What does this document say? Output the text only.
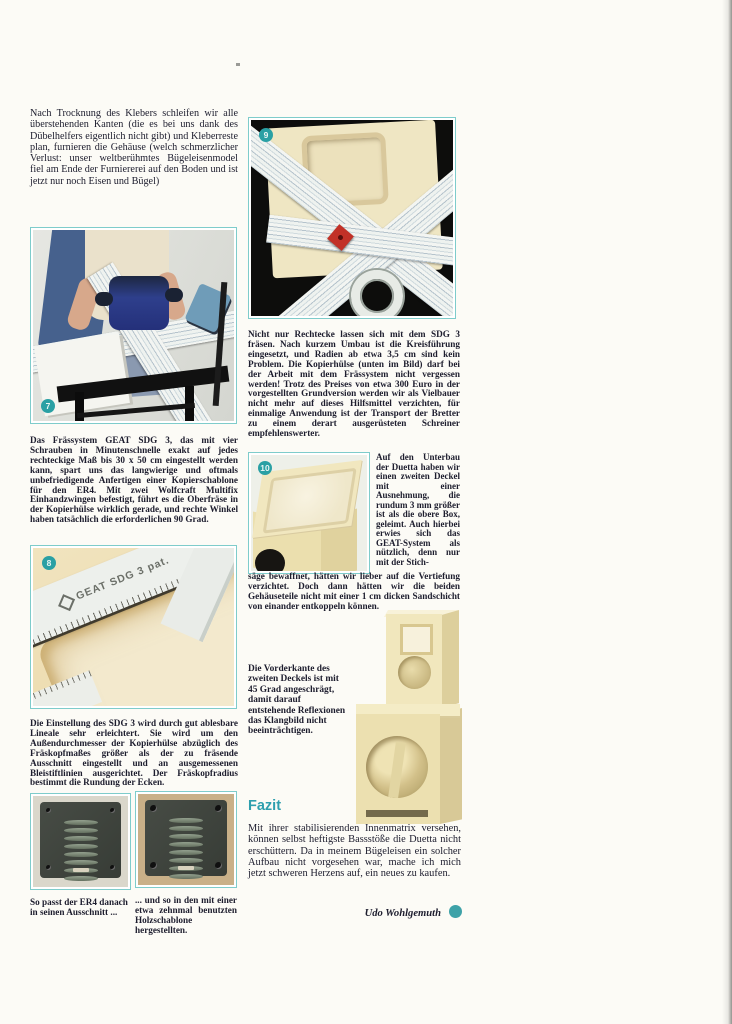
Nach Trocknung des Klebers schleifen wir alle überstehenden Kanten (die es bei uns dank des Dübelhelfers eigentlich nicht gibt) und Kleberreste plan, furnieren die Gehäuse (welch schmerzlicher Verlust: unser weltberühmtes Bügeleisenmodel fiel am Ende der Furniererei auf den Boden und ist jetzt nur noch Eisen und Bügel)
7
Das Frässystem GEAT SDG 3, das mit vier Schrauben in Minutenschnelle exakt auf jedes rechteckige Maß bis 30 x 50 cm eingestellt werden kann, spart uns das langwierige und oftmals unbefriedigende Anfertigen einer Kopierschablone für den ER4. Mit zwei Wolfcraft Multifix Einhandzwingen befestigt, führt es die Oberfräse in der Kopierhülse wirklich gerade, und rechte Winkel haben tatsächlich die erforderlichen 90 Grad.
GEAT SDG 3 pat.
8
Die Einstellung des SDG 3 wird durch gut ablesbare Lineale sehr erleichtert. Sie wird um den Außendurchmesser der Kopierhülse abzüglich des Fräskopfmaßes größer als der zu fräsende Ausschnitt eingestellt und an ausgemessenen Bleistiftlinien ausgerichtet. Der Fräskopfradius bestimmt die Rundung der Ecken.
So passt der ER4 danach in seinen Ausschnitt ...
... und so in den mit einer etwa zehnmal benutzten Holzschablone hergestellten.
9
Nicht nur Rechtecke lassen sich mit dem SDG 3 fräsen. Nach kurzem Umbau ist die Kreisführung eingesetzt, und Radien ab etwa 3,5 cm sind kein Problem. Die Kopierhülse (unten im Bild) darf bei der Arbeit mit dem Frässystem nicht vergessen werden! Trotz des Preises von etwa 300 Euro in der vorgestellten Grundversion werden wir als Vielbauer nicht mehr auf dieses Hilfsmittel verzichten, für einmalige Anwendung ist der Transport der Bretter zu einem derart ausgerüsteten Schreiner empfehlenswerter.
10
Auf den Unterbau der Duetta haben wir einen zweiten Deckel mit einer Ausnehmung, die rundum 3 mm größer ist als die obere Box, geleimt. Auch hierbei erwies sich das GEAT-System als nützlich, denn nur mit der Stich-
säge bewaffnet, hätten wir lieber auf die Vertiefung verzichtet. Doch dann hätten wir die beiden Gehäuseteile nicht mit einer 1 cm dicken Sandschicht von einander entkoppeln können.
Die Vorderkante des zweiten Deckels ist mit 45 Grad angeschrägt, damit darauf entstehende Reflexionen das Klangbild nicht beeinträchtigen.
Fazit
Mit ihrer stabilisierenden Innenmatrix versehen, können selbst heftigste Bassstöße die Duetta nicht erschüttern. Da in meinem Bügeleisen ein solcher Aufbau nicht vorgesehen war, mache ich mich jetzt schweren Herzens auf, ein neues zu kaufen.
Udo Wohlgemuth
